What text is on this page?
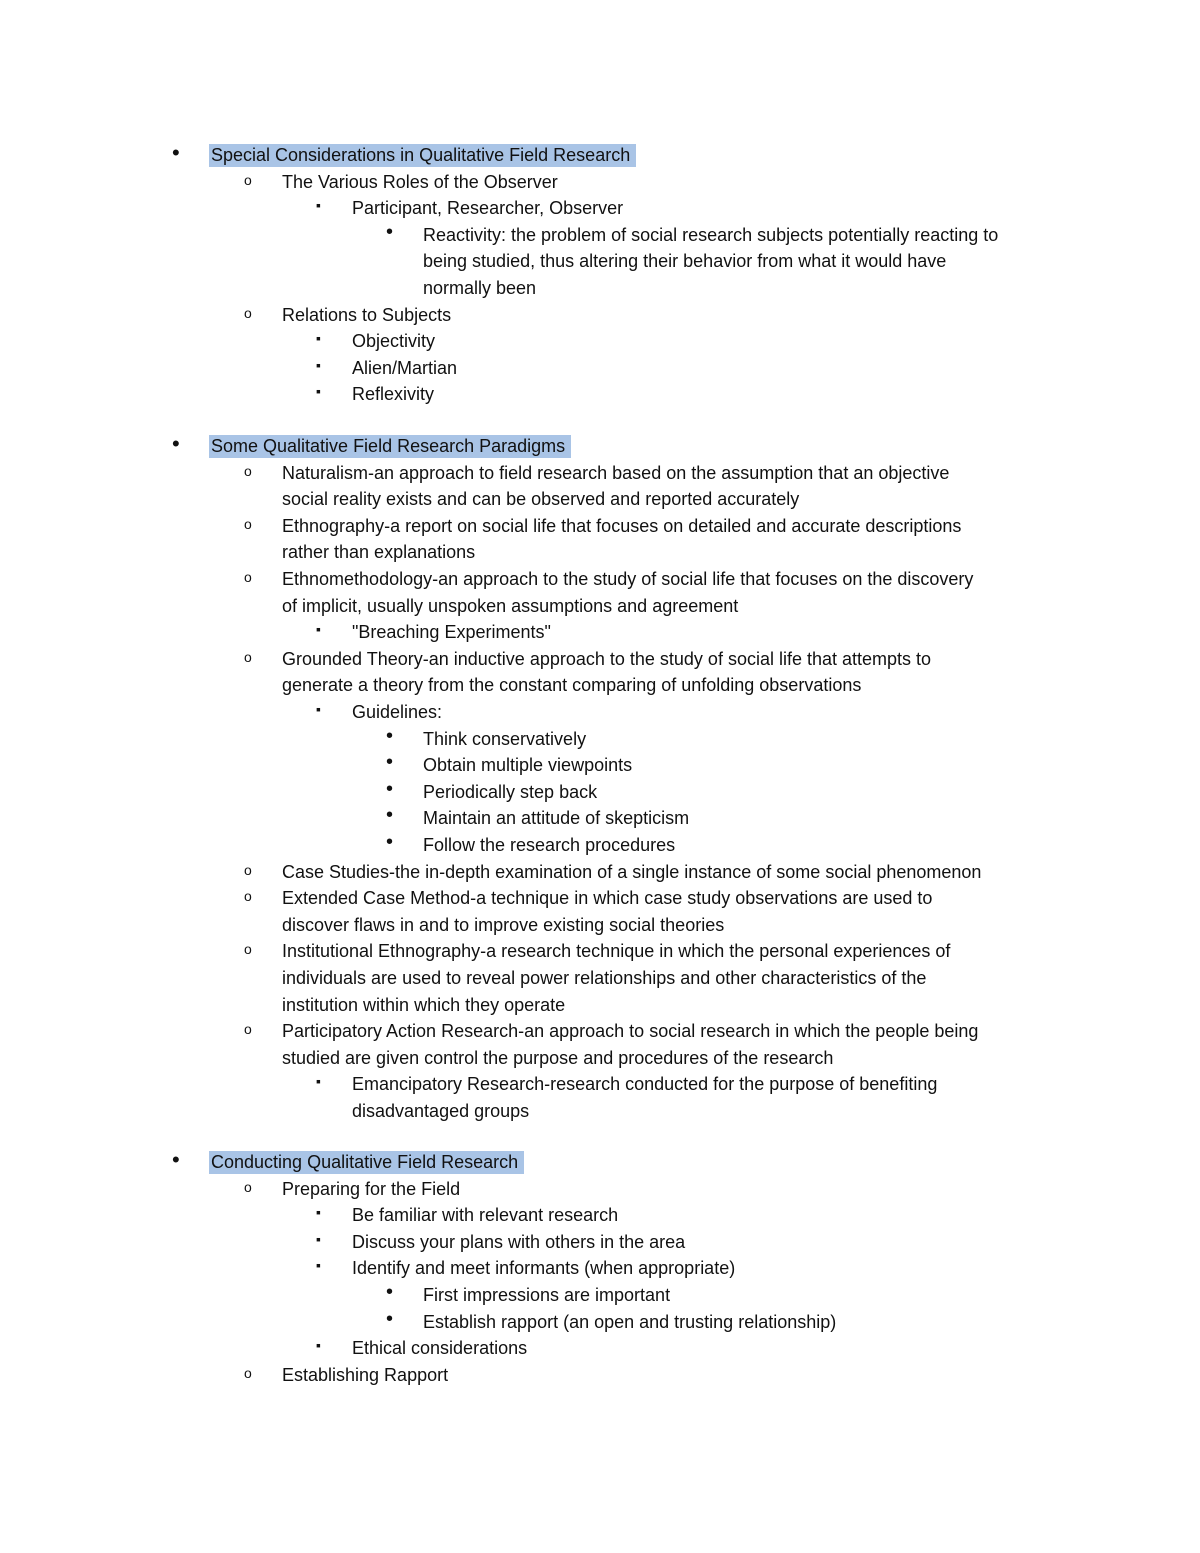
• Special Considerations in Qualitative Field Research
o The Various Roles of the Observer
▪ Participant, Researcher, Observer
• Reactivity: the problem of social research subjects potentially reacting to
being studied, thus altering their behavior from what it would have
normally been
o Relations to Subjects
▪ Objectivity
▪ Alien/Martian
▪ Reflexivity
• Some Qualitative Field Research Paradigms
o Naturalism-an approach to field research based on the assumption that an objective
social reality exists and can be observed and reported accurately
o Ethnography-a report on social life that focuses on detailed and accurate descriptions
rather than explanations
o Ethnomethodology-an approach to the study of social life that focuses on the discovery
of implicit, usually unspoken assumptions and agreement
▪ "Breaching Experiments"
o Grounded Theory-an inductive approach to the study of social life that attempts to
generate a theory from the constant comparing of unfolding observations
▪ Guidelines:
• Think conservatively
• Obtain multiple viewpoints
• Periodically step back
• Maintain an attitude of skepticism
• Follow the research procedures
o Case Studies-the in-depth examination of a single instance of some social phenomenon
o Extended Case Method-a technique in which case study observations are used to
discover flaws in and to improve existing social theories
o Institutional Ethnography-a research technique in which the personal experiences of
individuals are used to reveal power relationships and other characteristics of the
institution within which they operate
o Participatory Action Research-an approach to social research in which the people being
studied are given control the purpose and procedures of the research
▪ Emancipatory Research-research conducted for the purpose of benefiting
disadvantaged groups
• Conducting Qualitative Field Research
o Preparing for the Field
▪ Be familiar with relevant research
▪ Discuss your plans with others in the area
▪ Identify and meet informants (when appropriate)
• First impressions are important
• Establish rapport (an open and trusting relationship)
▪ Ethical considerations
o Establishing Rapport
